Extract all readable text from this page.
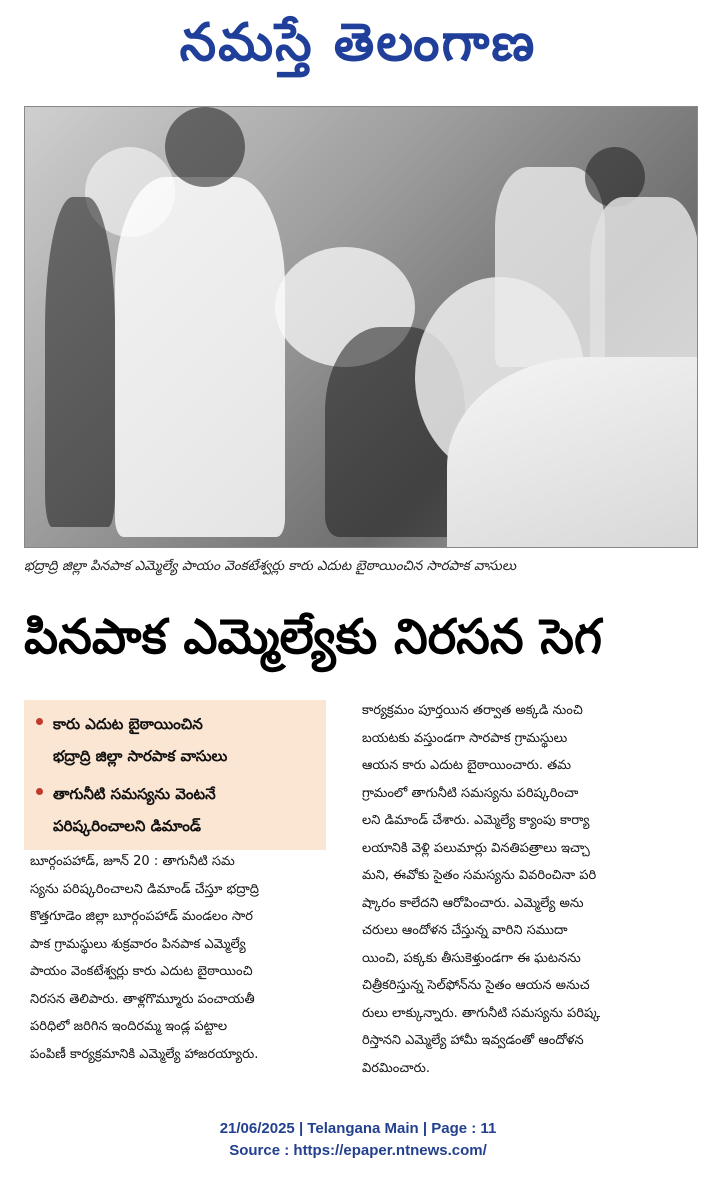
నమస్తే తెలంగాణ
భద్రాద్రి జిల్లా పినపాక ఎమ్మెల్యే పాయం వెంకటేశ్వర్లు కారు ఎదుట బైఠాయించిన సారపాక వాసులు
పినపాక ఎమ్మెల్యేకు నిరసన సెగ
కారు ఎదుట బైఠాయించిన
భద్రాద్రి జిల్లా సారపాక వాసులు
తాగునీటి సమస్యను వెంటనే
పరిష్కరించాలని డిమాండ్
బూర్గంపహాడ్, జూన్ 20 : తాగునీటి సమ
స్యను పరిష్కరించాలని డిమాండ్ చేస్తూ భద్రాద్రి
కొత్తగూడెం జిల్లా బూర్గంపహాడ్ మండలం సార
పాక గ్రామస్థులు శుక్రవారం పినపాక ఎమ్మెల్యే
పాయం వెంకటేశ్వర్లు కారు ఎదుట బైఠాయించి
నిరసన తెలిపారు. తాళ్లగొమ్మూరు పంచాయతీ
పరిధిలో జరిగిన ఇందిరమ్మ ఇండ్ల పట్టాల
పంపిణీ కార్యక్రమానికి ఎమ్మెల్యే హాజరయ్యారు.
కార్యక్రమం పూర్తయిన తర్వాత అక్కడి నుంచి
బయటకు వస్తుండగా సారపాక గ్రామస్థులు
ఆయన కారు ఎదుట బైఠాయించారు. తమ
గ్రామంలో తాగునీటి సమస్యను పరిష్కరించా
లని డిమాండ్ చేశారు. ఎమ్మెల్యే క్యాంపు కార్యా
లయానికి వెళ్లి పలుమార్లు వినతిపత్రాలు ఇచ్చా
మని, ఈవోకు సైతం సమస్యను వివరించినా పరి
ష్కారం కాలేదని ఆరోపించారు. ఎమ్మెల్యే అను
చరులు ఆందోళన చేస్తున్న వారిని సముదా
యించి, పక్కకు తీసుకెళ్తుండగా ఈ ఘటనను
చిత్రీకరిస్తున్న సెల్‌ఫోన్‌ను సైతం ఆయన అనుచ
రులు లాక్కున్నారు. తాగునీటి సమస్యను పరిష్క
రిస్తానని ఎమ్మెల్యే హామీ ఇవ్వడంతో ఆందోళన
విరమించారు.
21/06/2025 | Telangana Main | Page : 11
Source : https://epaper.ntnews.com/
